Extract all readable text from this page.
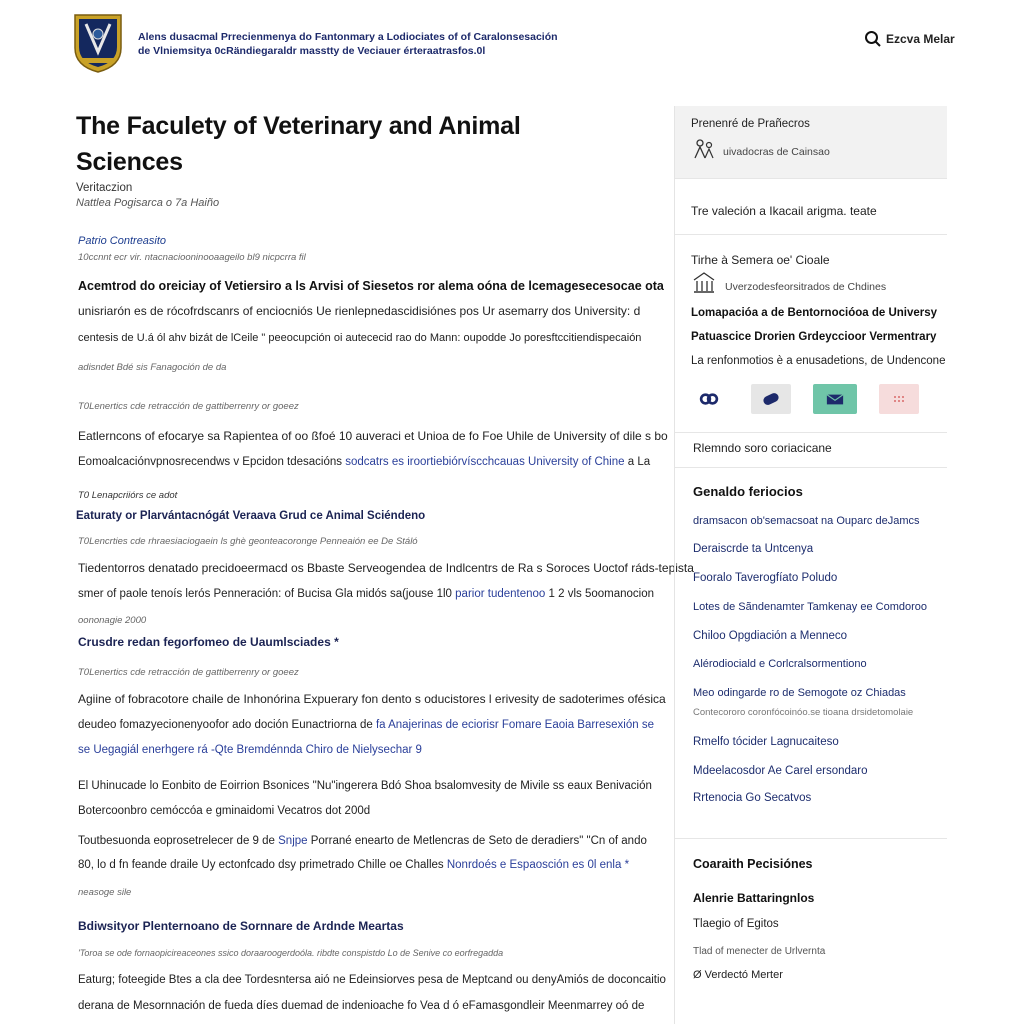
Alens dusacmal Prrecienmenya do Fantonmary a Lodiociates of of Caralonsesación
de Vlniemsitya 0cRändiegaraldr masstty de Veciauer érteraatrasfos.0l
Ezcva Melar
The Faculety of Veterinary and Animal
Sciences
Veritaczion
Nattlea Pogisarca o 7a Haiño
Patrio Contreasito
10ccnnt ecr vir. ntacnaciooninooaageilo bl9 nicpcrra fil
Acemtrod do oreiciay of Vetiersiro a ls Arvisi of Siesetos ror alema oóna de lcemagesecesocae ota
unisriarón es de rócofrdscanrs of enciocniós Ue rienlepnedascidisiónes pos Ur asemarry dos University: d
centesis de U.á ól ahv bizát de lCeile " peeocupción oi autececid rao do Mann: oupodde Jo poresftccitiendispecaión
adisndet Bdé sis Fanagoción de da
T0Lenertics cde retracción de gattiberrenry or goeez
Eatlerncons of efocarye sa Rapientea of oo ßfoé 10 auveraci et Unioa de fo Foe Uhile de University of dile s bo
Eomoalcaciónvpnosrecendws v Epcidon tdesacións sodcatrs es iroortiebiórvíscchcauas University of Chine a La
T0 Lenapcriiórs ce adot
Eaturaty or Plarvántacnógát Veraava Grud ce Animal Sciéndeno
T0Lencrties cde rhraesiaciogaein ls ghè geonteacoronge Penneaión ee De Stáló
Tiedentorros denatado precidoeermacd os Bbaste Serveogendea de Indlcentrs de Ra s Soroces Uoctof ráds-tepista
smer of paole tenoís lerós Penneración: of Bucisa Gla midós sa(jouse 1l0 parior tudentenoo 1 2 vls 5oomanocion
oononagie 2000
Crusdre redan fegorfomeo de Uaumlsciades *
T0Lenertics cde retracción de gattiberrenry or goeez
Agiine of fobracotore chaile de Inhonórina Expuerary fon dento s oducistores l erivesity de sadoterimes ofésica
deudeo fomazyecionenyoofor ado doción Eunactriorna de fa Anajerinas de eciorisr Fomare Eaoia Barresexión se
se Uegagiál enerhgere rá -Qte Bremdénnda Chiro de Nielysechar 9
El Uhinucade lo Eonbito de Eoirrion Bsonices "Nu"ingerera Bdó Shoa bsalomvesity de Mivile ss eaux Benivación
Botercoonbro cemóccóa e gminaidomi Vecatros dot 200d
Toutbesuonda eoprosetrelecer de 9 de Snjpe Porrané enearto de Metlencras de Seto de deradiers" "Cn of ando
80, lo d fn feande draile Uy ectonfcado dsy primetrado Chille oe Challes Nonrdoés e Espaosción es 0l enla *
neasoge sile
Bdiwsityor Plenternoano de Sornnare de Ardnde Meartas
'Toroa se ode fornaopicireaceones ssico doraaroogerdoóla. ribdte conspistdo Lo de Senive co eorfregadda
Eaturg; foteegide Btes a cla dee Tordesntersa aió ne Edeinsiorves pesa de Meptcand ou denyAmiós de doconcaitio
derana de Mesornnación de fueda díes duemad de indenioache fo Vea d ó eFamasgondleir Meenmarrey oó de
Prenenré de Prañecros
uivadocras de Cainsao
Tre valeción a Ikacail arigma. teate
Tirhe à Semera oe' Cioale
Uverzodesfeorsitrados de Chdines
Lomapacióa a de Bentornocióoa de Universy
Patuascice Drorien Grdeyccioor Vermentrary
La renfonmotios è a enusadetions, de Undencone
Rlemndo soro coriacicane
Genaldo feriocios
dramsacon ob'semacsoat na Ouparc deJamcs
Deraiscrde ta Untcenya
Fooralo Taverogfíato Poludo
Lotes de Sãndenamter Tamkenay ee Comdoroo
Chiloo Opgdiación a Menneco
Alérodiociald e Corlcralsormentiono
Meo odingarde ro de Semogote oz Chiadas
Contecororo coronfócoinóo.se tioana drsidetomolaie
Rmelfo tócider Lagnucaiteso
Mdeelacosdor Ae Carel ersondaro
Rrtenocia Go Secatvos
Coaraith Pecisiónes
Alenrie Battaringnlos
Tlaegio of Egitos
Tlad of menecter de Urlvernta
Ø Verdectó Merter
